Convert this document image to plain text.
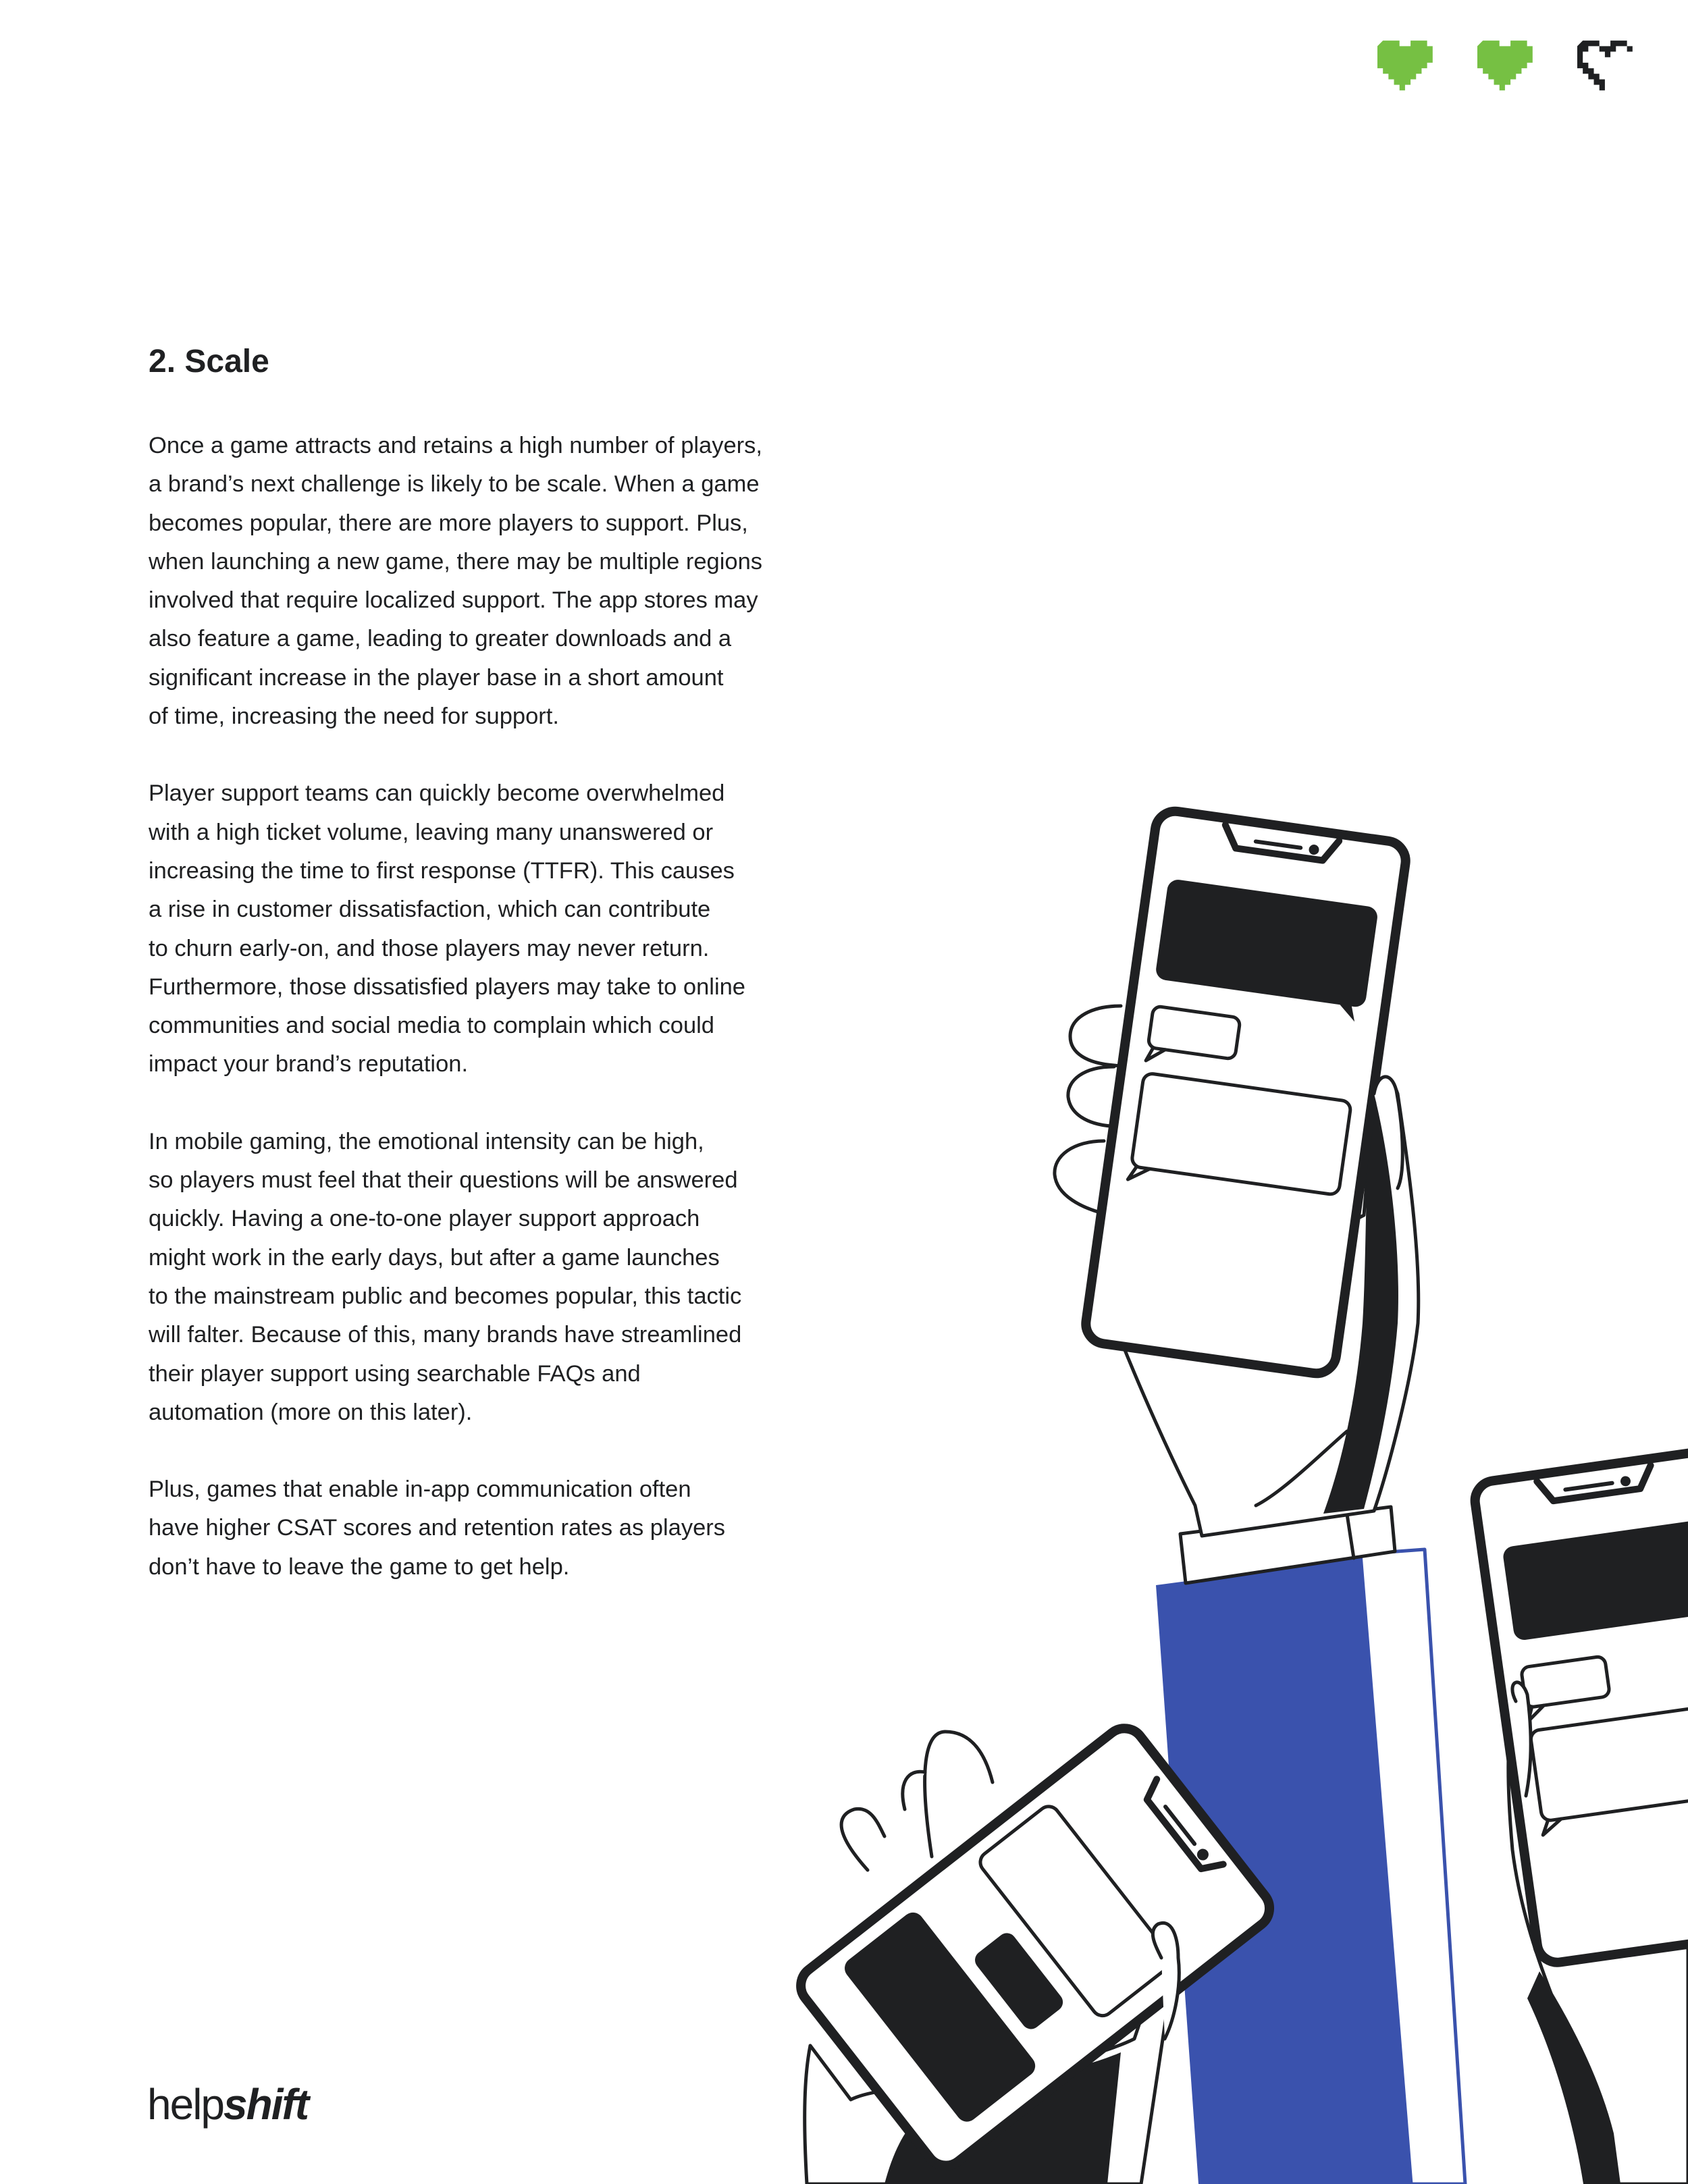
2. Scale

Once a game attracts and retains a high number of players,
a brand’s next challenge is likely to be scale. When a game
becomes popular, there are more players to support. Plus,
when launching a new game, there may be multiple regions
involved that require localized support. The app stores may
also feature a game, leading to greater downloads and a
significant increase in the player base in a short amount
of time, increasing the need for support.

Player support teams can quickly become overwhelmed
with a high ticket volume, leaving many unanswered or
increasing the time to first response (TTFR). This causes
a rise in customer dissatisfaction, which can contribute
to churn early-on, and those players may never return.
Furthermore, those dissatisfied players may take to online
communities and social media to complain which could
impact your brand’s reputation.

In mobile gaming, the emotional intensity can be high,
so players must feel that their questions will be answered
quickly. Having a one-to-one player support approach
might work in the early days, but after a game launches
to the mainstream public and becomes popular, this tactic
will falter. Because of this, many brands have streamlined
their player support using searchable FAQs and
automation (more on this later).

Plus, games that enable in-app communication often
have higher CSAT scores and retention rates as players
don’t have to leave the game to get help.

helpshift
